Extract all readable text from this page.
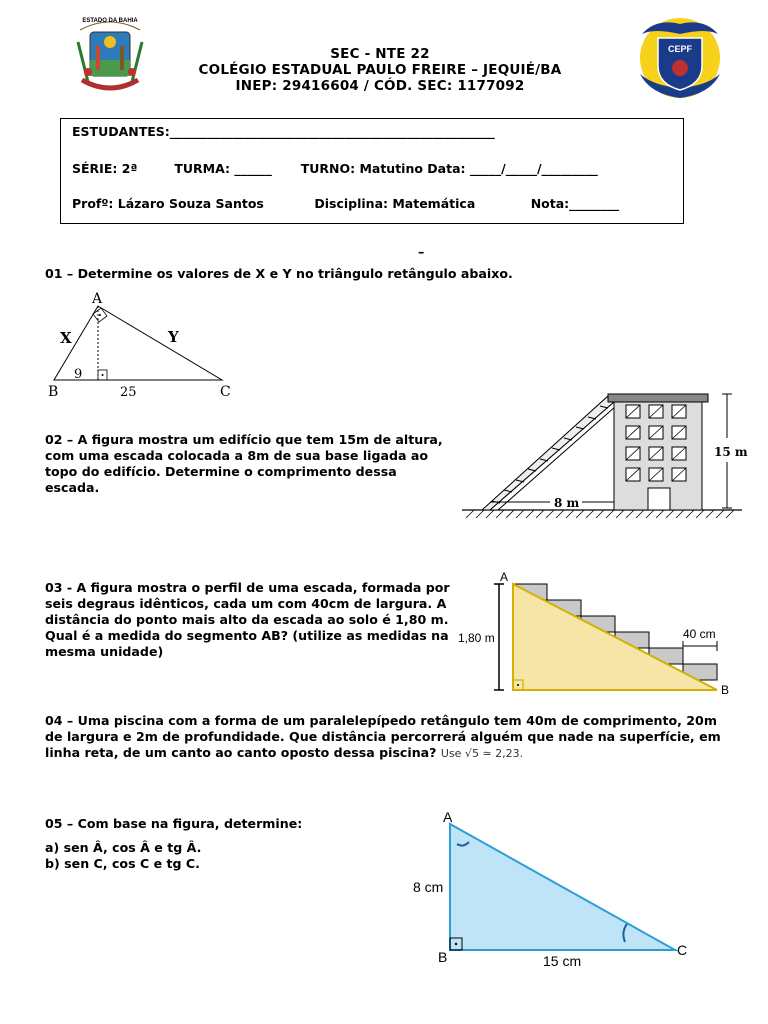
ESTADO DA BAHIA
SEC - NTE 22
COLÉGIO ESTADUAL PAULO FREIRE – JEQUIÉ/BA
INEP: 29416604 / CÓD. SEC: 1177092
CEPF
ESTUDANTES:____________________________________________________
SÉRIE: 2ª	TURMA: ______ TURNO: Matutino Data: _____/_____/_________
Profº: Lázaro Souza Santos	Disciplina: Matemática	Nota:________
–
01 – Determine os valores de X e Y no triângulo retângulo abaixo.
A
B	C
X	Y
9
25
02 – A figura mostra um edifício que tem 15m de altura, com uma escada colocada a 8m de sua base ligada ao topo do edifício. Determine o comprimento dessa escada.
8 m
15 m
03 - A figura mostra o perfil de uma escada, formada por seis degraus idênticos, cada um com 40cm de largura. A distância do ponto mais alto da escada ao solo é 1,80 m. Qual é a medida do segmento AB? (utilize as medidas na mesma unidade)
1,80 m
A
B
40 cm
04 – Uma piscina com a forma de um paralelepípedo retângulo tem 40m de comprimento, 20m de largura e 2m de profundidade. Que distância percorrerá alguém que nade na superfície, em linha reta, de um canto ao canto oposto dessa piscina? Use √5 ≃ 2,23.
05 – Com base na figura, determine:
a) sen Â, cos Â e tg Â.
b) sen C, cos C e tg C.
A
B	C
8 cm
15 cm
